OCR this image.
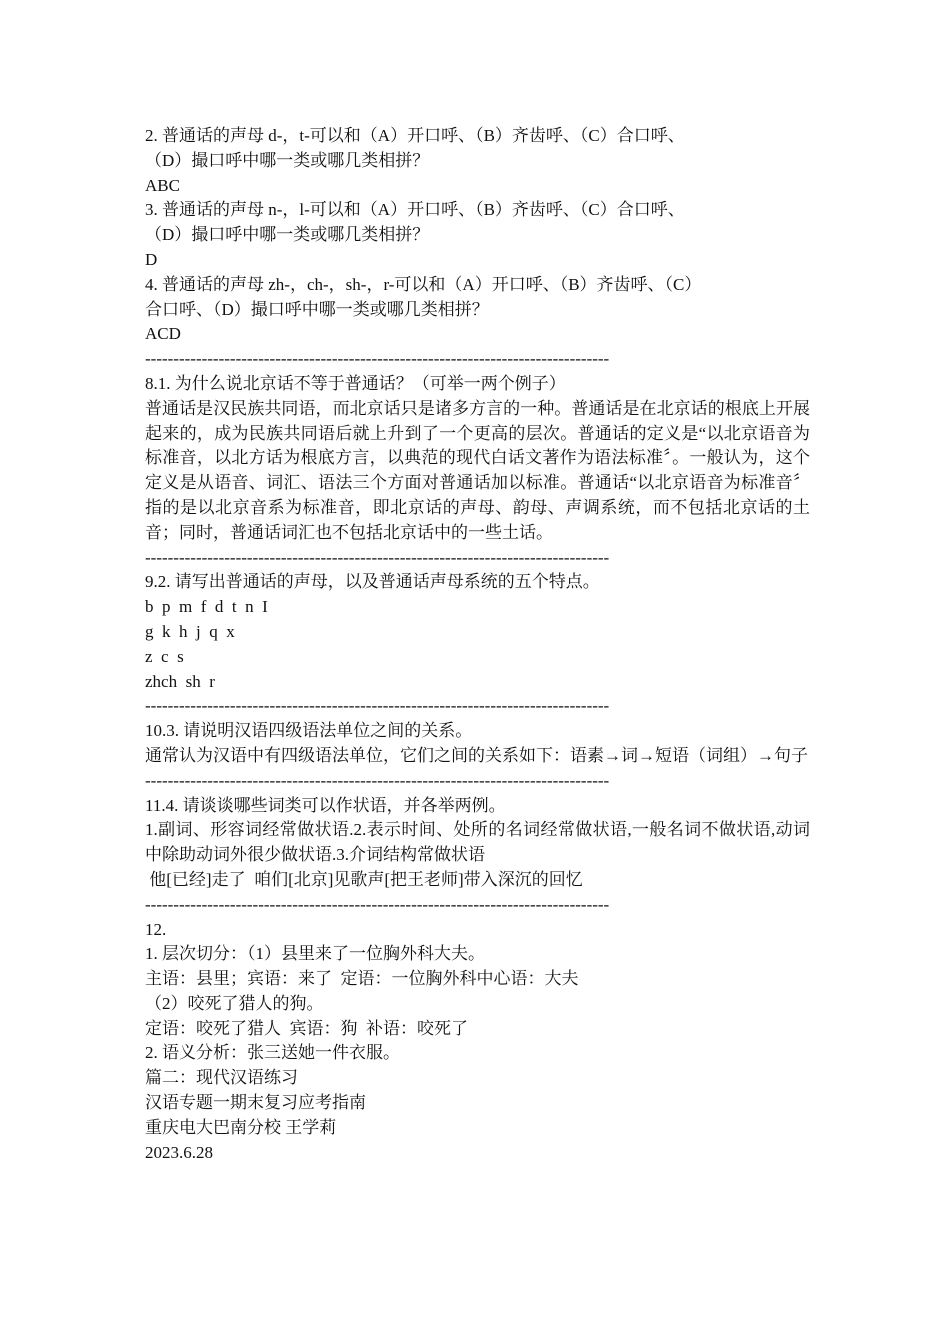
2. 普通话的声母 d-，t-可以和（A）开口呼、（B）齐齿呼、（C）合口呼、
（D）撮口呼中哪一类或哪几类相拼？
ABC
3. 普通话的声母 n-，l-可以和（A）开口呼、（B）齐齿呼、（C）合口呼、
（D）撮口呼中哪一类或哪几类相拼？
D
4. 普通话的声母 zh-，ch-，sh-，r-可以和（A）开口呼、（B）齐齿呼、（C）
合口呼、（D）撮口呼中哪一类或哪几类相拼？
ACD
----------------------------------------------------------------------------------
8.1. 为什么说北京话不等于普通话？（可举一两个例子）
普通话是汉民族共同语，而北京话只是诸多方言的一种。普通话是在北京话的根底上开展起来的，成为民族共同语后就上升到了一个更高的层次。普通话的定义是“以北京语音为标准音，以北方话为根底方言，以典范的现代白话文著作为语法标准〞。一般认为，这个定义是从语音、词汇、语法三个方面对普通话加以标准。普通话“以北京语音为标准音〞指的是以北京音系为标准音，即北京话的声母、韵母、声调系统，而不包括北京话的土音；同时，普通话词汇也不包括北京话中的一些土话。
----------------------------------------------------------------------------------
9.2. 请写出普通话的声母，以及普通话声母系统的五个特点。
b  p  m  f  d  t  n  I
g  k  h  j  q  x
z  c  s
zhch  sh  r
----------------------------------------------------------------------------------
10.3. 请说明汉语四级语法单位之间的关系。
通常认为汉语中有四级语法单位，它们之间的关系如下：语素→词→短语（词组）→句子
----------------------------------------------------------------------------------
11.4. 请谈谈哪些词类可以作状语，并各举两例。
1.副词、形容词经常做状语.2.表示时间、处所的名词经常做状语,一般名词不做状语,动词中除助动词外很少做状语.3.介词结构常做状语
他[已经]走了  咱们[北京]见歌声[把王老师]带入深沉的回忆
----------------------------------------------------------------------------------
12.
1. 层次切分：（1）县里来了一位胸外科大夫。
主语：县里；宾语：来了  定语：一位胸外科中心语：大夫
（2）咬死了猎人的狗。
定语：咬死了猎人  宾语：狗  补语：咬死了
2. 语义分析：张三送她一件衣服。
篇二：现代汉语练习
汉语专题一期末复习应考指南
重庆电大巴南分校 王学莉
2023.6.28
